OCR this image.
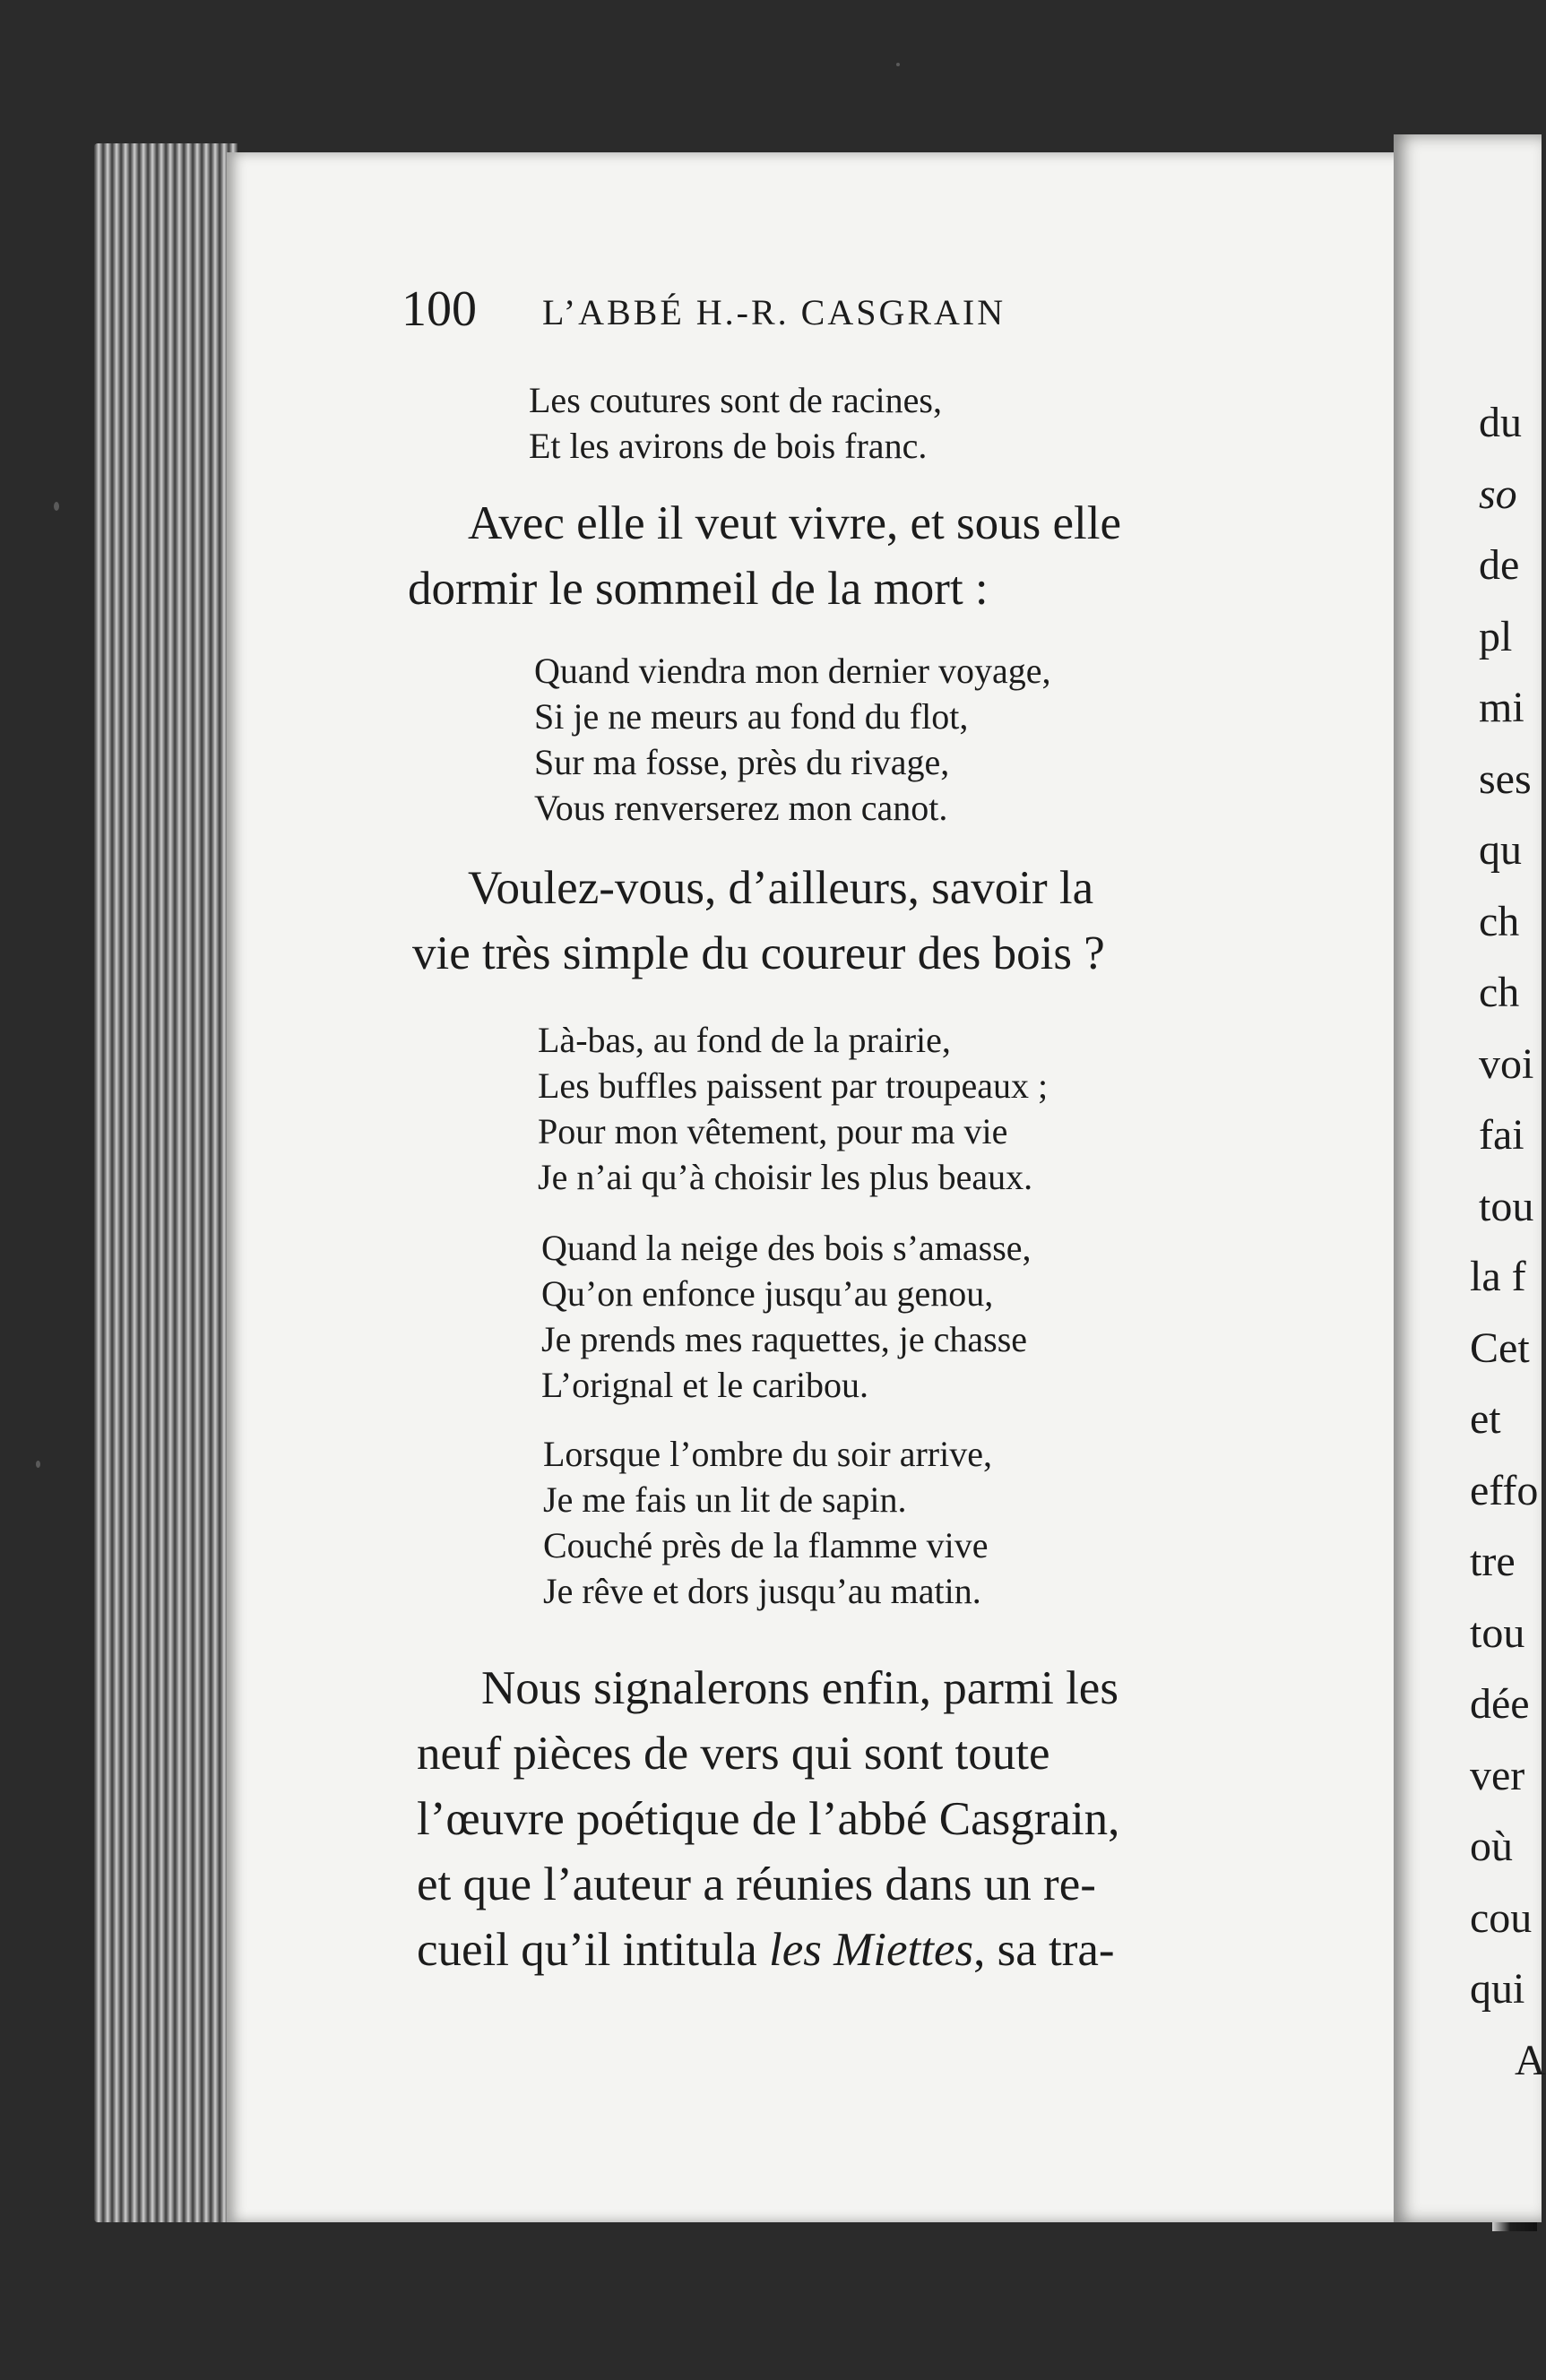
100 L’ABBÉ H.-R. CASGRAIN
Les coutures sont de racines,
Et les avirons de bois franc.
Avec elle il veut vivre, et sous elle
dormir le sommeil de la mort :
Quand viendra mon dernier voyage,
Si je ne meurs au fond du flot,
Sur ma fosse, près du rivage,
Vous renverserez mon canot.
Voulez-vous, d’ailleurs, savoir la
vie très simple du coureur des bois ?
Là-bas, au fond de la prairie,
Les buffles paissent par troupeaux ;
Pour mon vêtement, pour ma vie
Je n’ai qu’à choisir les plus beaux.
Quand la neige des bois s’amasse,
Qu’on enfonce jusqu’au genou,
Je prends mes raquettes, je chasse
L’orignal et le caribou.
Lorsque l’ombre du soir arrive,
Je me fais un lit de sapin.
Couché près de la flamme vive
Je rêve et dors jusqu’au matin.
Nous signalerons enfin, parmi les
neuf pièces de vers qui sont toute
l’œuvre poétique de l’abbé Casgrain,
et que l’auteur a réunies dans un re-
cueil qu’il intitula les Miettes, sa tra-
du
so
de
pl
mi
ses
qu
ch
ch
voi
fai
tou
la f
Cet
et
effo
tre
tou
dée
ver
où
cou
qui
A
